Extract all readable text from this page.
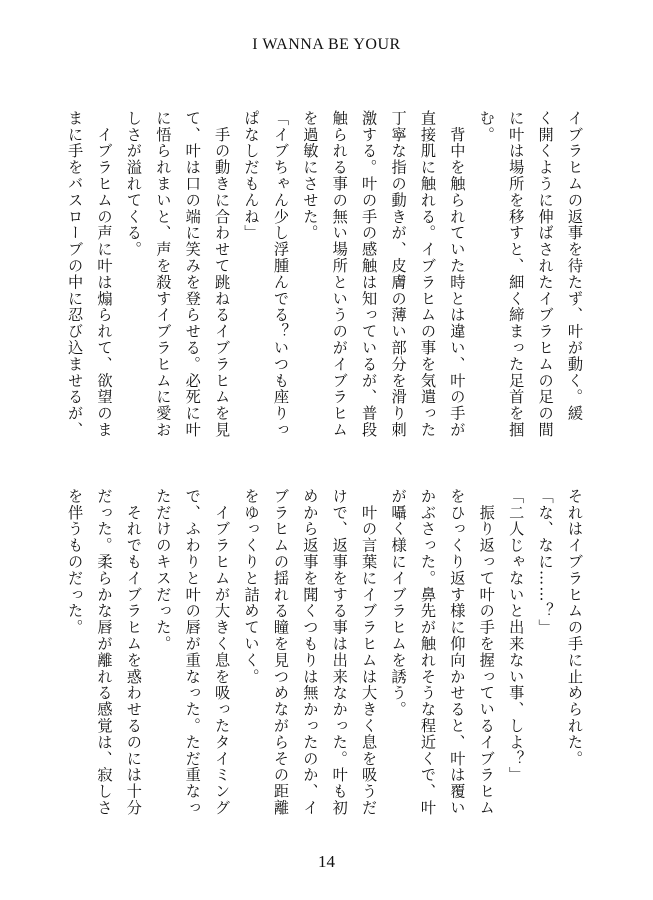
I WANNA BE YOUR
イブラヒムの返事を待たず、叶が動く。緩
く開くように伸ばされたイブラヒムの足の間
に叶は場所を移すと、細く締まった足首を掴
む。
　背中を触られていた時とは違い、叶の手が
直接肌に触れる。イブラヒムの事を気遣った
丁寧な指の動きが、皮膚の薄い部分を滑り刺
激する。叶の手の感触は知っているが、普段
触られる事の無い場所というのがイブラヒム
を過敏にさせた。
「イブちゃん少し浮腫んでる？いつも座りっ
ぱなしだもんね」
　手の動きに合わせて跳ねるイブラヒムを見
て、叶は口の端に笑みを登らせる。必死に叶
に悟られまいと、声を殺すイブラヒムに愛お
しさが溢れてくる。
　イブラヒムの声に叶は煽られて、欲望のま
まに手をバスローブの中に忍び込ませるが、
それはイブラヒムの手に止められた。
「な、なに……？」
「二人じゃないと出来ない事、しよ？」
　振り返って叶の手を握っているイブラヒム
をひっくり返す様に仰向かせると、叶は覆い
かぶさった。鼻先が触れそうな程近くで、叶
が囁く様にイブラヒムを誘う。
　叶の言葉にイブラヒムは大きく息を吸うだ
けで、返事をする事は出来なかった。叶も初
めから返事を聞くつもりは無かったのか、イ
ブラヒムの揺れる瞳を見つめながらその距離
をゆっくりと詰めていく。
　イブラヒムが大きく息を吸ったタイミング
で、ふわりと叶の唇が重なった。ただ重なっ
ただけのキスだった。
　それでもイブラヒムを惑わせるのには十分
だった。柔らかな唇が離れる感覚は、寂しさ
を伴うものだった。
14
